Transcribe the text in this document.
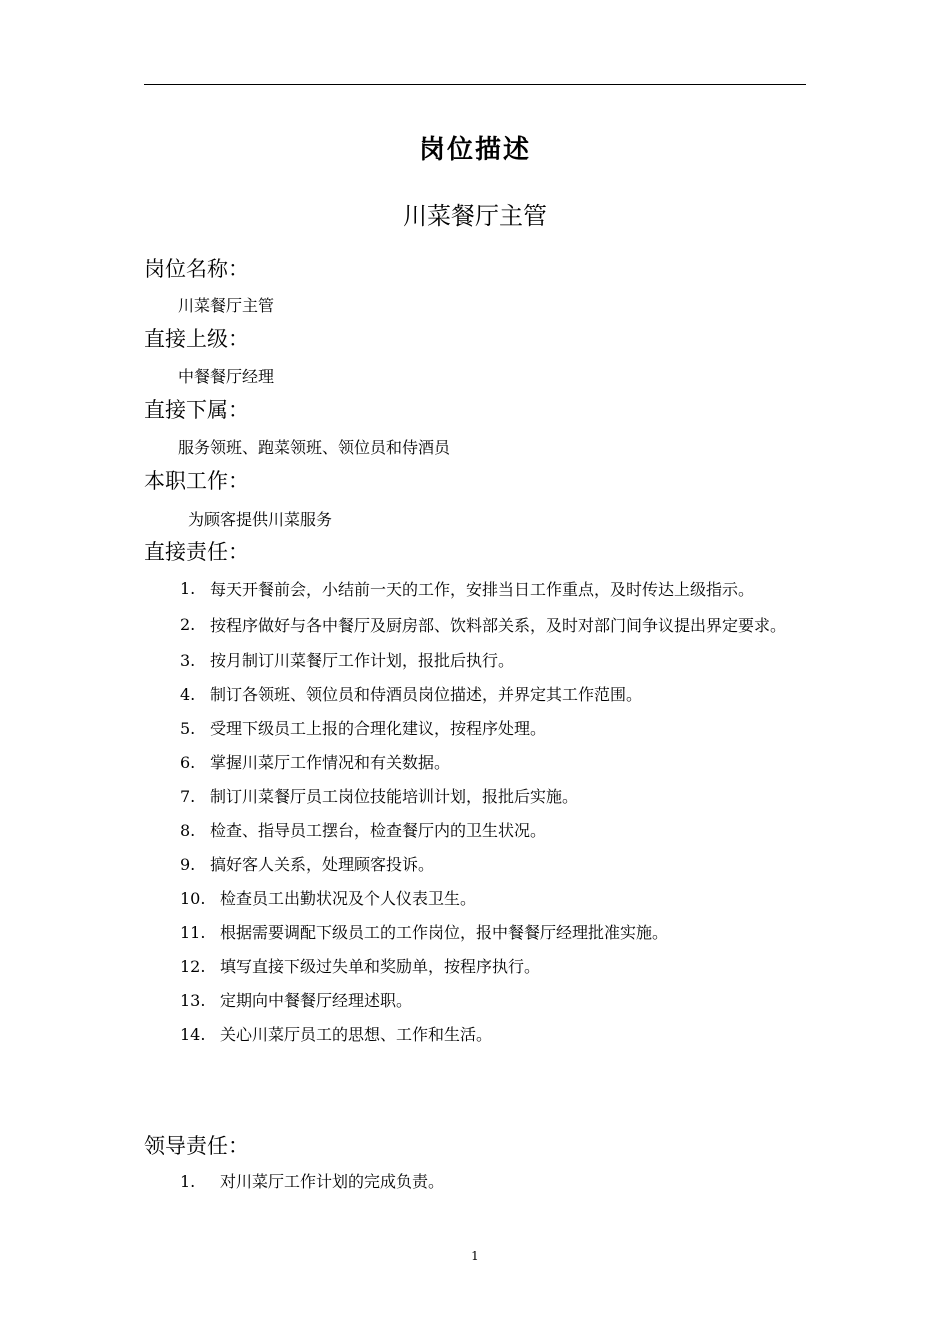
岗位描述
川菜餐厅主管
岗位名称：
川菜餐厅主管
直接上级：
中餐餐厅经理
直接下属：
服务领班、跑菜领班、领位员和侍酒员
本职工作：
为顾客提供川菜服务
直接责任：
1. 每天开餐前会，小结前一天的工作，安排当日工作重点，及时传达上级指示。
2. 按程序做好与各中餐厅及厨房部、饮料部关系，及时对部门间争议提出界定要求。
3. 按月制订川菜餐厅工作计划，报批后执行。
4. 制订各领班、领位员和侍酒员岗位描述，并界定其工作范围。
5. 受理下级员工上报的合理化建议，按程序处理。
6. 掌握川菜厅工作情况和有关数据。
7. 制订川菜餐厅员工岗位技能培训计划，报批后实施。
8. 检查、指导员工摆台，检查餐厅内的卫生状况。
9. 搞好客人关系，处理顾客投诉。
10. 检查员工出勤状况及个人仪表卫生。
11. 根据需要调配下级员工的工作岗位，报中餐餐厅经理批准实施。
12. 填写直接下级过失单和奖励单，按程序执行。
13. 定期向中餐餐厅经理述职。
14. 关心川菜厅员工的思想、工作和生活。
领导责任：
1. 对川菜厅工作计划的完成负责。
1
